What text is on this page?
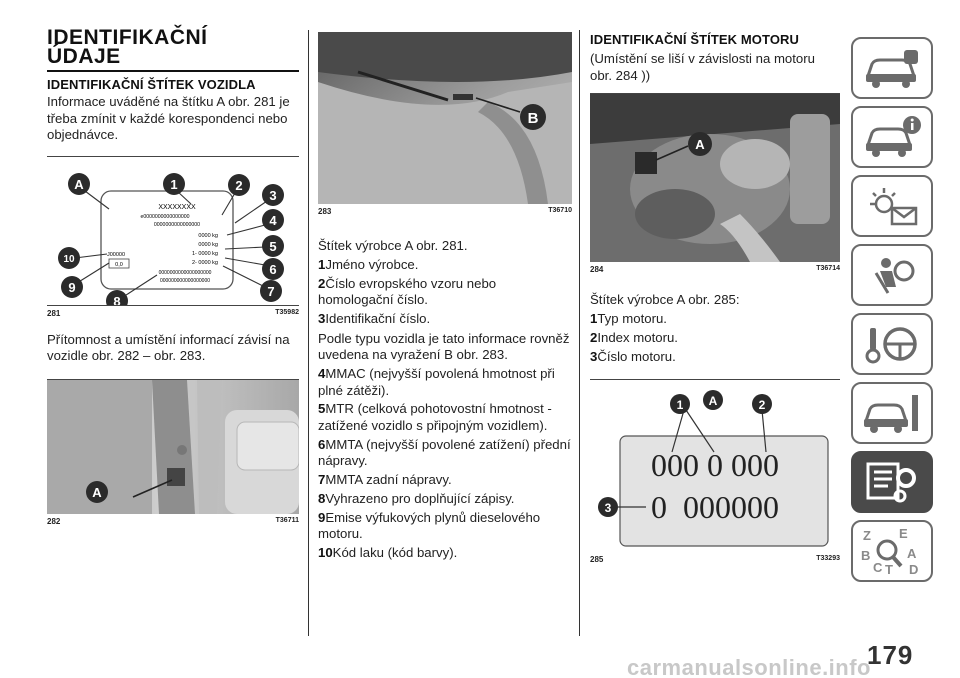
IDENTIFIKAČNÍ
ÚDAJE
IDENTIFIKAČNÍ ŠTÍTEK VOZIDLA

Informace uváděné na štítku A obr. 281 je třeba zmínit v každé korespondenci nebo objednávce.

XXXXXXXX
e0000000000000000
0000000000000000
0000 kg
0000 kg
1- 0000 kg
2- 0000 kg
J00000
0,0
0000000000000000000
000000000000000000
A	1	2
3
4
5
6
7
8
9
10
281	T35982

Přítomnost a umístění informací závisí na vozidle obr. 282 – obr. 283.

A
282	T36711
B
283	T36710

Štítek výrobce A obr. 281.

1Jméno výrobce.
2Číslo evropského vzoru nebo homologační číslo.
3Identifikační číslo.

Podle typu vozidla je tato informace rovněž uvedena na vyražení B obr. 283.

4MMAC (nejvyšší povolená hmotnost při plné zátěži).
5MTR (celková pohotovostní hmotnost - zatížené vozidlo s připojným vozidlem).
6MMTA (nejvyšší povolené zatížení) přední nápravy.
7MMTA zadní nápravy.
8Vyhrazeno pro doplňující zápisy.
9Emise výfukových plynů dieselového motoru.
10Kód laku (kód barvy).
IDENTIFIKAČNÍ ŠTÍTEK MOTORU

(Umístění se liší v závislosti na motoru obr. 284 ))

A
284	T36714

Štítek výrobce A obr. 285:

1Typ motoru.
2Index motoru.
3Číslo motoru.
000 0 000
0  000000
1 A	2
3
285	T33293
Z E
B	A
C D
T
179
carmanualsonline.info
